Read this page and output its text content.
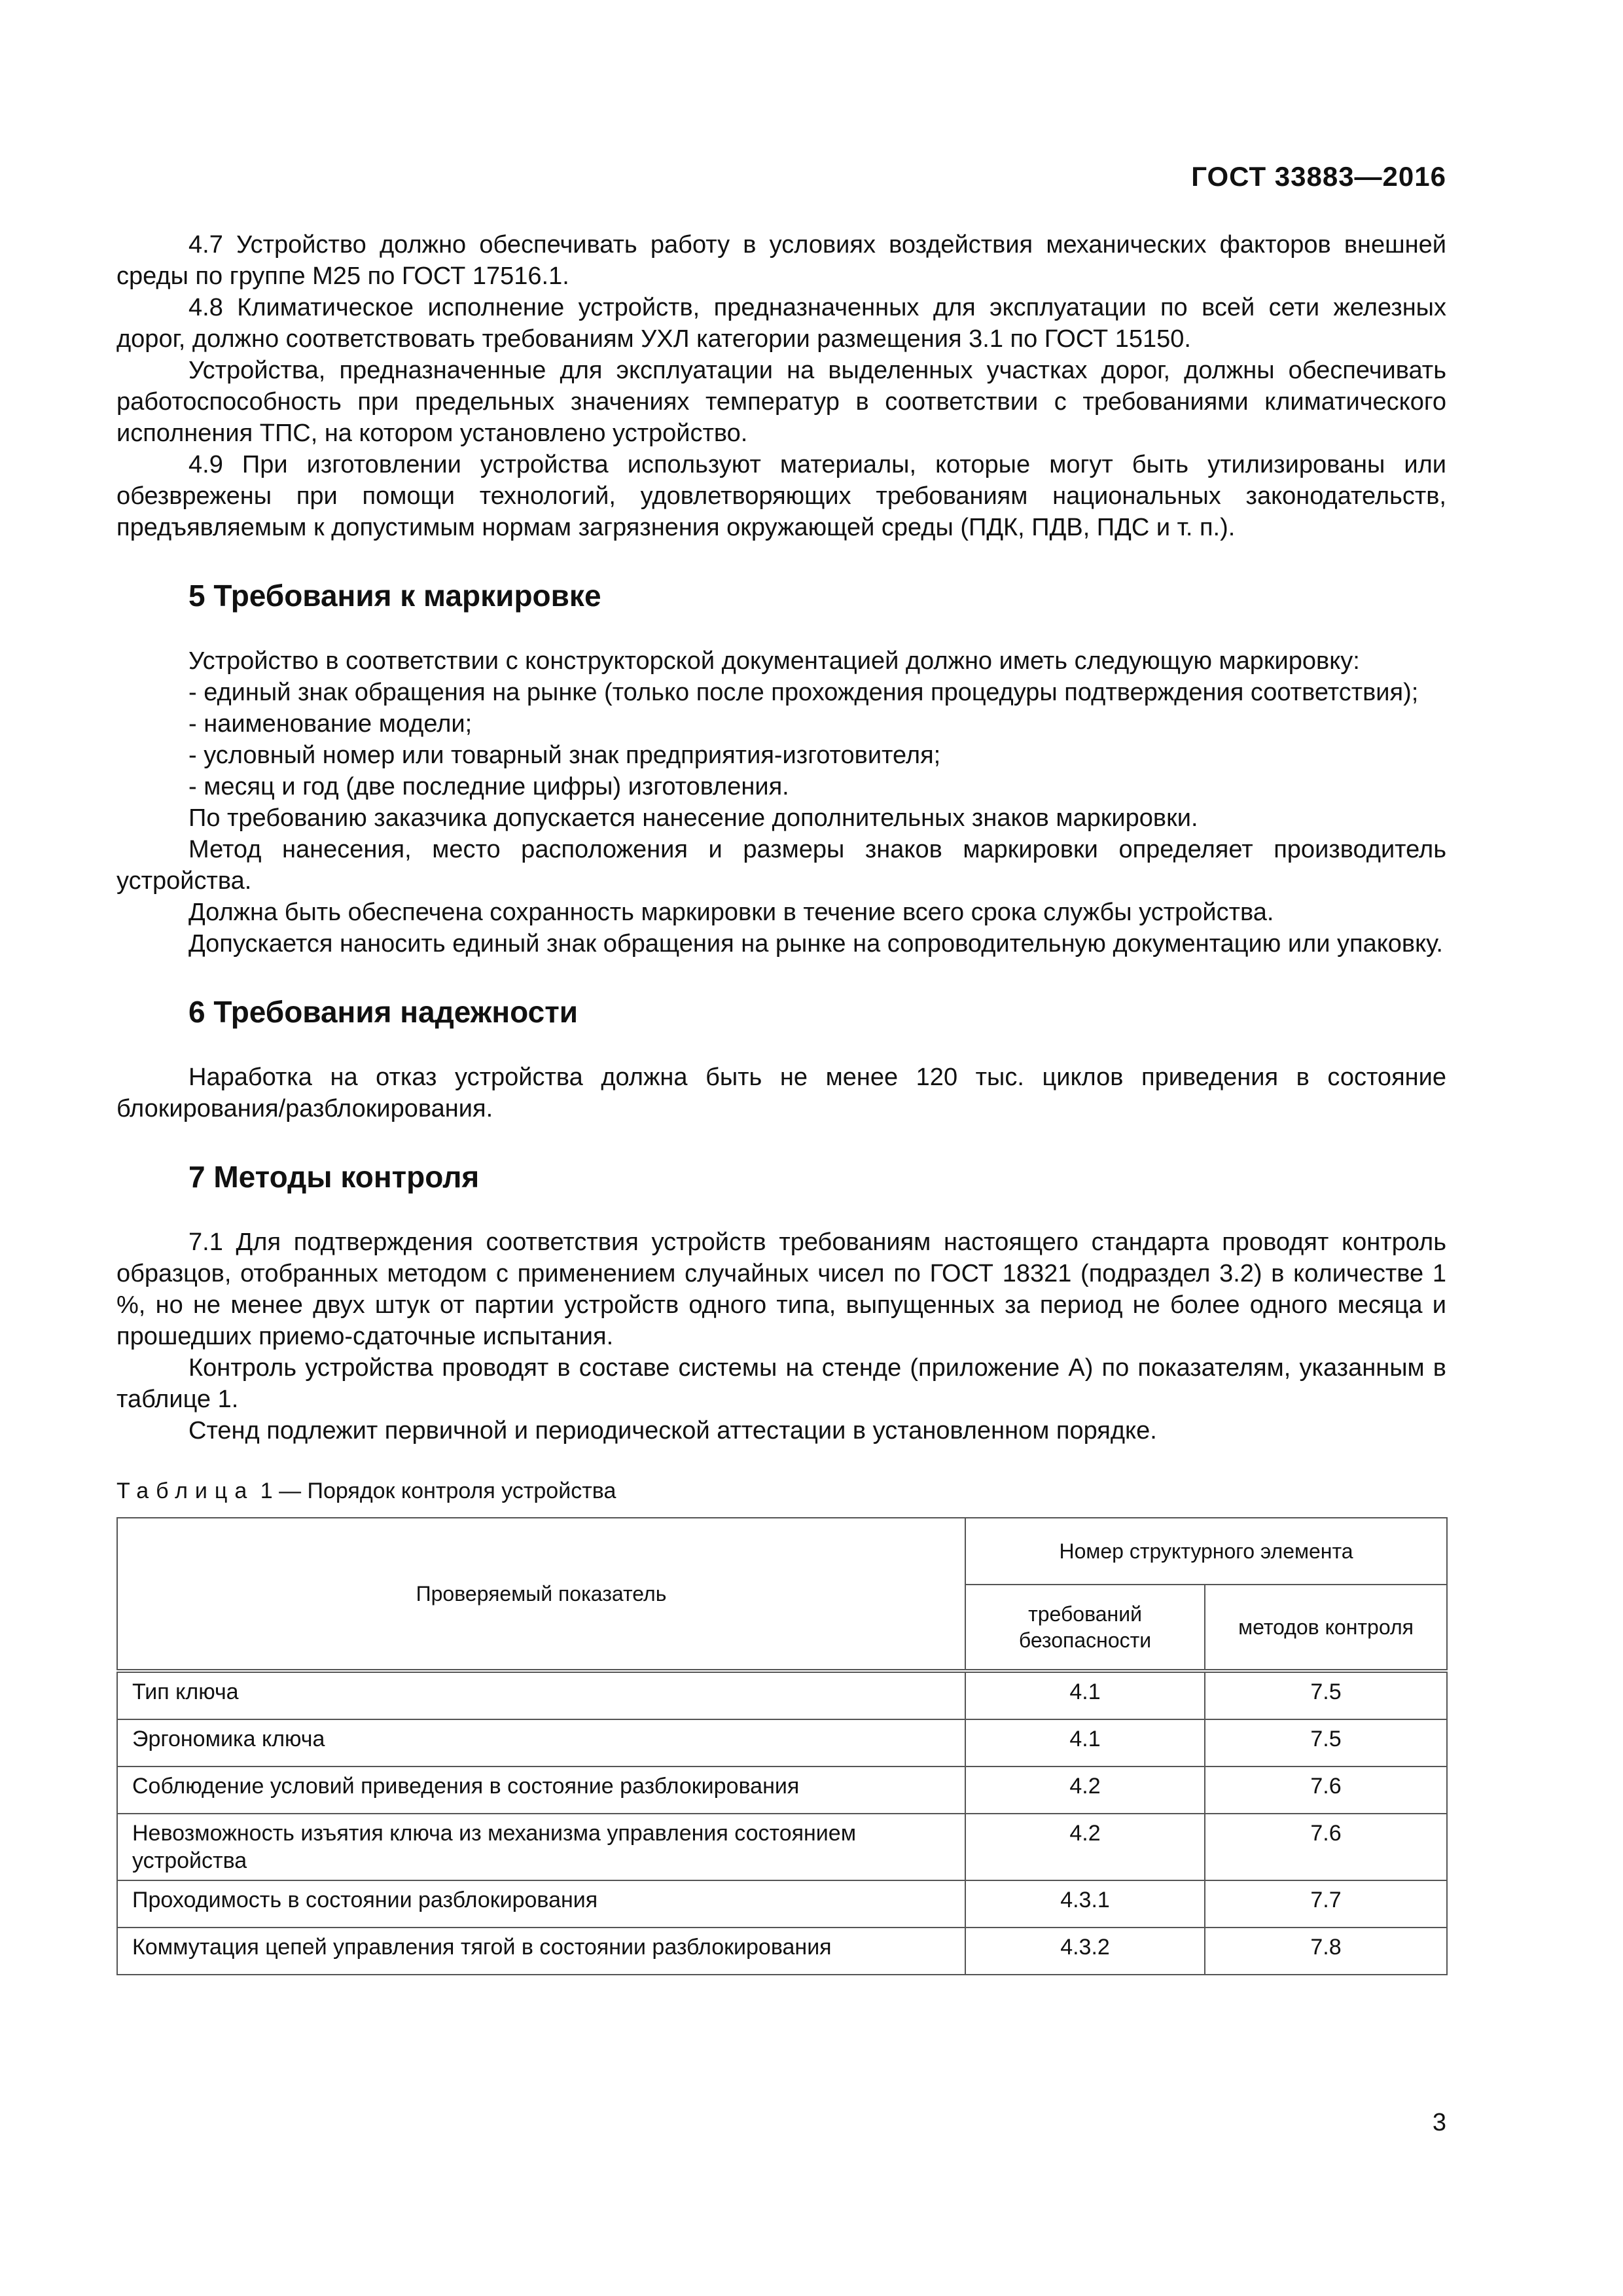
ГОСТ 33883—2016

4.7 Устройство должно обеспечивать работу в условиях воздействия механических факторов внешней среды по группе М25 по ГОСТ 17516.1.

4.8 Климатическое исполнение устройств, предназначенных для эксплуатации по всей сети железных дорог, должно соответствовать требованиям УХЛ категории размещения 3.1 по ГОСТ 15150.

Устройства, предназначенные для эксплуатации на выделенных участках дорог, должны обеспечивать работоспособность при предельных значениях температур в соответствии с требованиями климатического исполнения ТПС, на котором установлено устройство.

4.9 При изготовлении устройства используют материалы, которые могут быть утилизированы или обезврежены при помощи технологий, удовлетворяющих требованиям национальных законодательств, предъявляемым к допустимым нормам загрязнения окружающей среды (ПДК, ПДВ, ПДС и т. п.).

5 Требования к маркировке

Устройство в соответствии с конструкторской документацией должно иметь следующую маркировку:

- единый знак обращения на рынке (только после прохождения процедуры подтверждения соответствия);

- наименование модели;

- условный номер или товарный знак предприятия-изготовителя;

- месяц и год (две последние цифры) изготовления.

По требованию заказчика допускается нанесение дополнительных знаков маркировки.

Метод нанесения, место расположения и размеры знаков маркировки определяет производитель устройства.

Должна быть обеспечена сохранность маркировки в течение всего срока службы устройства.

Допускается наносить единый знак обращения на рынке на сопроводительную документацию или упаковку.

6 Требования надежности

Наработка на отказ устройства должна быть не менее 120 тыс. циклов приведения в состояние блокирования/разблокирования.

7 Методы контроля

7.1 Для подтверждения соответствия устройств требованиям настоящего стандарта проводят контроль образцов, отобранных методом с применением случайных чисел по ГОСТ 18321 (подраздел 3.2) в количестве 1 %, но не менее двух штук от партии устройств одного типа, выпущенных за период не более одного месяца и прошедших приемо-сдаточные испытания.

Контроль устройства проводят в составе системы на стенде (приложение А) по показателям, указанным в таблице 1.

Стенд подлежит первичной и периодической аттестации в установленном порядке.

Таблица 1 — Порядок контроля устройства
Проверяемый показатель	Номер структурного элемента	
	требований безопасности	методов контроля
Тип ключа	4.1	7.5
Эргономика ключа	4.1	7.5
Соблюдение условий приведения в состояние разблокирования	4.2	7.6
Невозможность изъятия ключа из механизма управления состоянием устройства	4.2	7.6
Проходимость в состоянии разблокирования	4.3.1	7.7
Коммутация цепей управления тягой в состоянии разблокирования	4.3.2	7.8
3
